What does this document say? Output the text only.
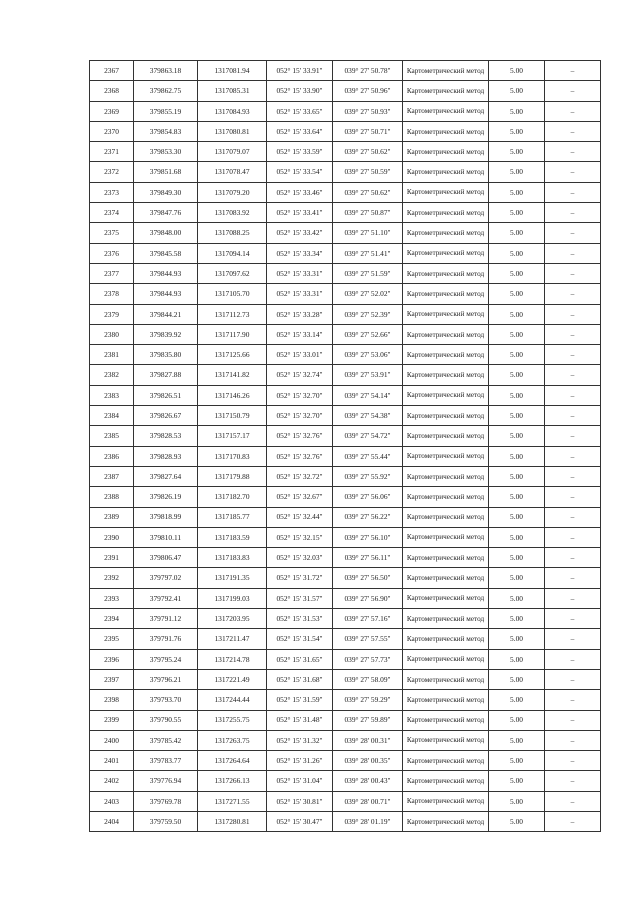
2367	379863.18	1317081.94	052° 15' 33.91"	039° 27' 50.78"	Картометрический метод	5.00	–
2368	379862.75	1317085.31	052° 15' 33.90"	039° 27' 50.96"	Картометрический метод	5.00	–
2369	379855.19	1317084.93	052° 15' 33.65"	039° 27' 50.93"	Картометрический метод	5.00	–
2370	379854.83	1317080.81	052° 15' 33.64"	039° 27' 50.71"	Картометрический метод	5.00	–
2371	379853.30	1317079.07	052° 15' 33.59"	039° 27' 50.62"	Картометрический метод	5.00	–
2372	379851.68	1317078.47	052° 15' 33.54"	039° 27' 50.59"	Картометрический метод	5.00	–
2373	379849.30	1317079.20	052° 15' 33.46"	039° 27' 50.62"	Картометрический метод	5.00	–
2374	379847.76	1317083.92	052° 15' 33.41"	039° 27' 50.87"	Картометрический метод	5.00	–
2375	379848.00	1317088.25	052° 15' 33.42"	039° 27' 51.10"	Картометрический метод	5.00	–
2376	379845.58	1317094.14	052° 15' 33.34"	039° 27' 51.41"	Картометрический метод	5.00	–
2377	379844.93	1317097.62	052° 15' 33.31"	039° 27' 51.59"	Картометрический метод	5.00	–
2378	379844.93	1317105.70	052° 15' 33.31"	039° 27' 52.02"	Картометрический метод	5.00	–
2379	379844.21	1317112.73	052° 15' 33.28"	039° 27' 52.39"	Картометрический метод	5.00	–
2380	379839.92	1317117.90	052° 15' 33.14"	039° 27' 52.66"	Картометрический метод	5.00	–
2381	379835.80	1317125.66	052° 15' 33.01"	039° 27' 53.06"	Картометрический метод	5.00	–
2382	379827.88	1317141.82	052° 15' 32.74"	039° 27' 53.91"	Картометрический метод	5.00	–
2383	379826.51	1317146.26	052° 15' 32.70"	039° 27' 54.14"	Картометрический метод	5.00	–
2384	379826.67	1317150.79	052° 15' 32.70"	039° 27' 54.38"	Картометрический метод	5.00	–
2385	379828.53	1317157.17	052° 15' 32.76"	039° 27' 54.72"	Картометрический метод	5.00	–
2386	379828.93	1317170.83	052° 15' 32.76"	039° 27' 55.44"	Картометрический метод	5.00	–
2387	379827.64	1317179.88	052° 15' 32.72"	039° 27' 55.92"	Картометрический метод	5.00	–
2388	379826.19	1317182.70	052° 15' 32.67"	039° 27' 56.06"	Картометрический метод	5.00	–
2389	379818.99	1317185.77	052° 15' 32.44"	039° 27' 56.22"	Картометрический метод	5.00	–
2390	379810.11	1317183.59	052° 15' 32.15"	039° 27' 56.10"	Картометрический метод	5.00	–
2391	379806.47	1317183.83	052° 15' 32.03"	039° 27' 56.11"	Картометрический метод	5.00	–
2392	379797.02	1317191.35	052° 15' 31.72"	039° 27' 56.50"	Картометрический метод	5.00	–
2393	379792.41	1317199.03	052° 15' 31.57"	039° 27' 56.90"	Картометрический метод	5.00	–
2394	379791.12	1317203.95	052° 15' 31.53"	039° 27' 57.16"	Картометрический метод	5.00	–
2395	379791.76	1317211.47	052° 15' 31.54"	039° 27' 57.55"	Картометрический метод	5.00	–
2396	379795.24	1317214.78	052° 15' 31.65"	039° 27' 57.73"	Картометрический метод	5.00	–
2397	379796.21	1317221.49	052° 15' 31.68"	039° 27' 58.09"	Картометрический метод	5.00	–
2398	379793.70	1317244.44	052° 15' 31.59"	039° 27' 59.29"	Картометрический метод	5.00	–
2399	379790.55	1317255.75	052° 15' 31.48"	039° 27' 59.89"	Картометрический метод	5.00	–
2400	379785.42	1317263.75	052° 15' 31.32"	039° 28' 00.31"	Картометрический метод	5.00	–
2401	379783.77	1317264.64	052° 15' 31.26"	039° 28' 00.35"	Картометрический метод	5.00	–
2402	379776.94	1317266.13	052° 15' 31.04"	039° 28' 00.43"	Картометрический метод	5.00	–
2403	379769.78	1317271.55	052° 15' 30.81"	039° 28' 00.71"	Картометрический метод	5.00	–
2404	379759.50	1317280.81	052° 15' 30.47"	039° 28' 01.19"	Картометрический метод	5.00	–
